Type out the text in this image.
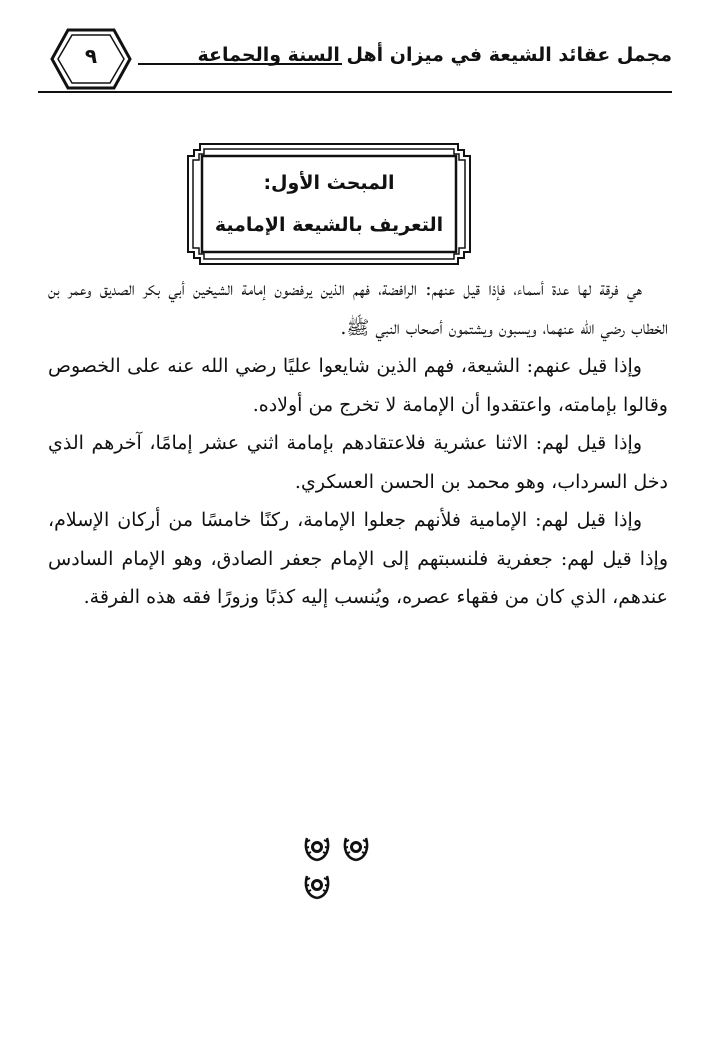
مجمل عقائد الشيعة في ميزان أهل السنة والجماعة
٩
المبحث الأول:
التعريف بالشيعة الإمامية

هي فرقة لها عدة أسماء، فإذا قيل عنهم: الرافضة، فهم الذين يرفضون إمامة الشيخين أبي بكر الصديق وعمر بن الخطاب رضي الله عنهما، ويسبون ويشتمون أصحاب النبي ﷺ.

وإذا قيل عنهم: الشيعة، فهم الذين شايعوا عليًا رضي الله عنه على الخصوص وقالوا بإمامته، واعتقدوا أن الإمامة لا تخرج من أولاده.

وإذا قيل لهم: الاثنا عشرية فلاعتقادهم بإمامة اثني عشر إمامًا، آخرهم الذي دخل السرداب، وهو محمد بن الحسن العسكري.

وإذا قيل لهم: الإمامية فلأنهم جعلوا الإمامة، ركنًا خامسًا من أركان الإسلام، وإذا قيل لهم: جعفرية فلنسبتهم إلى الإمام جعفر الصادق، وهو الإمام السادس عندهم، الذي كان من فقهاء عصره، ويُنسب إليه كذبًا وزورًا فقه هذه الفرقة.
